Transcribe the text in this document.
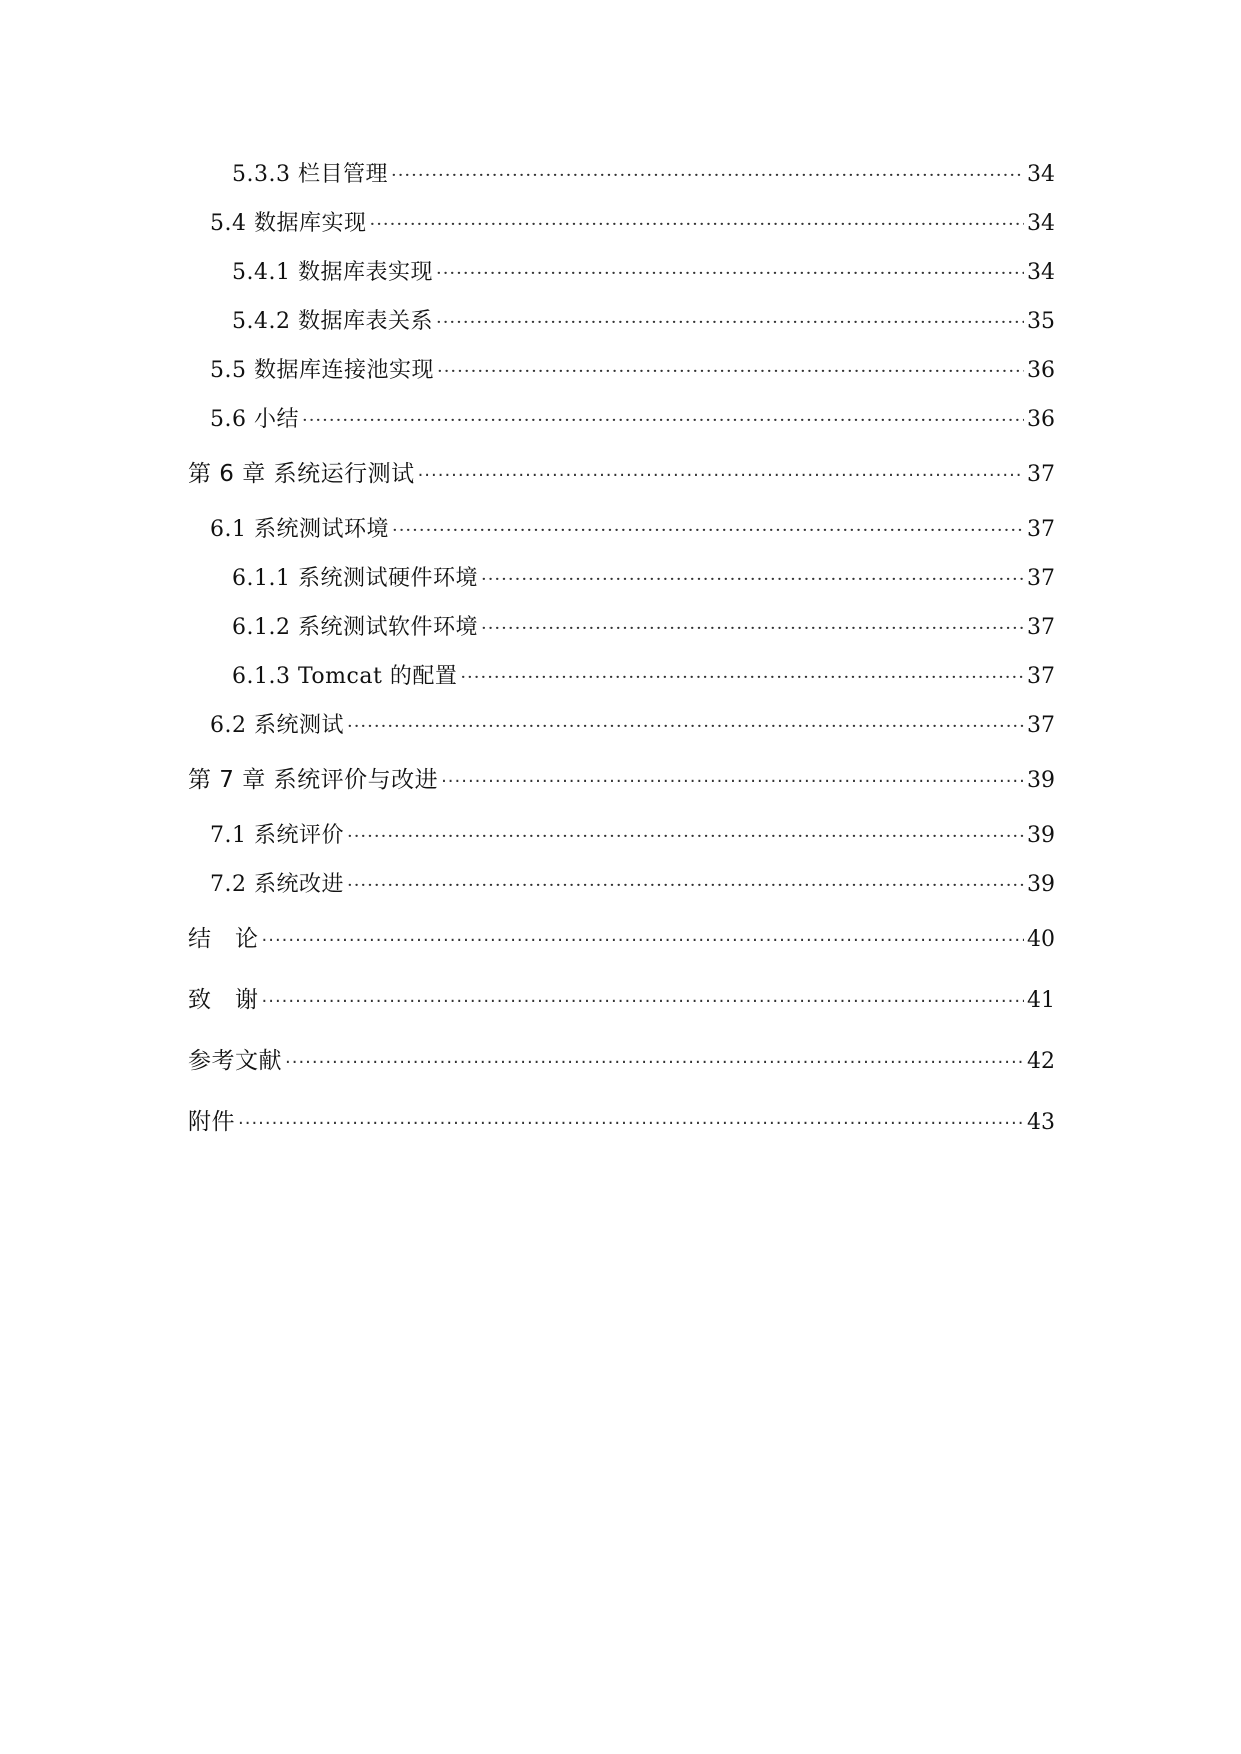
5.3.3 栏目管理 ·····	34
5.4 数据库实现 ·····	34
5.4.1 数据库表实现 ·····	34
5.4.2 数据库表关系 ·····	35
5.5 数据库连接池实现 ·····	36
5.6 小结 ·····	36
第 6 章 系统运行测试 ·····	37
6.1 系统测试环境 ·····	37
6.1.1 系统测试硬件环境 ·····	37
6.1.2 系统测试软件环境 ·····	37
6.1.3 Tomcat 的配置 ·····	37
6.2 系统测试 ·····	37
第 7 章 系统评价与改进 ·····	39
7.1 系统评价 ·····	39
7.2 系统改进 ·····	39
结　论 ·····	40
致　谢 ·····	41
参考文献 ·····	42
附件 ·····	43
